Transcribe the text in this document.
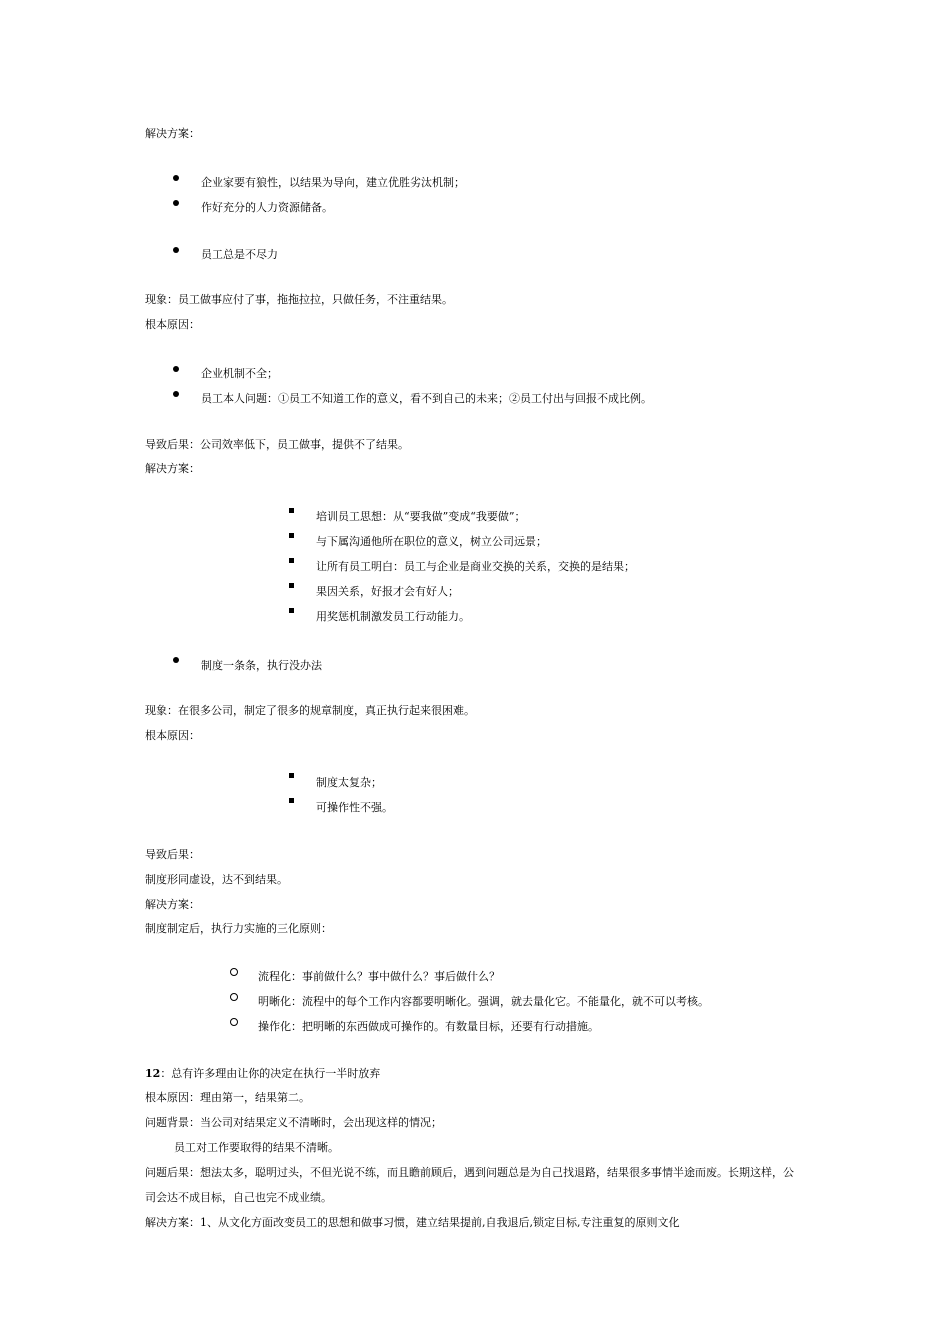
解决方案：
企业家要有狼性，以结果为导向，建立优胜劣汰机制；
作好充分的人力资源储备。
员工总是不尽力
现象：员工做事应付了事，拖拖拉拉，只做任务，不注重结果。
根本原因：
企业机制不全；
员工本人问题：①员工不知道工作的意义，看不到自己的未来；②员工付出与回报不成比例。
导致后果：公司效率低下，员工做事，提供不了结果。
解决方案：
培训员工思想：从“要我做”变成“我要做”；
与下属沟通他所在职位的意义，树立公司远景；
让所有员工明白：员工与企业是商业交换的关系，交换的是结果；
果因关系，好报才会有好人；
用奖惩机制激发员工行动能力。
制度一条条，执行没办法
现象：在很多公司，制定了很多的规章制度，真正执行起来很困难。
根本原因：
制度太复杂；
可操作性不强。
导致后果：
制度形同虚设，达不到结果。
解决方案：
制度制定后，执行力实施的三化原则：
流程化：事前做什么？事中做什么？事后做什么？
明晰化：流程中的每个工作内容都要明晰化。强调，就去量化它。不能量化，就不可以考核。
操作化：把明晰的东西做成可操作的。有数量目标，还要有行动措施。
12：总有许多理由让你的决定在执行一半时放弃
根本原因：理由第一，结果第二。
问题背景：当公司对结果定义不清晰时，会出现这样的情况；
员工对工作要取得的结果不清晰。
问题后果：想法太多，聪明过头，不但光说不练，而且瞻前顾后，遇到问题总是为自己找退路，结果很多事情半途而废。长期这样，公
司会达不成目标，自己也完不成业绩。
解决方案：1、从文化方面改变员工的思想和做事习惯，建立结果提前,自我退后,锁定目标,专注重复的原则文化
